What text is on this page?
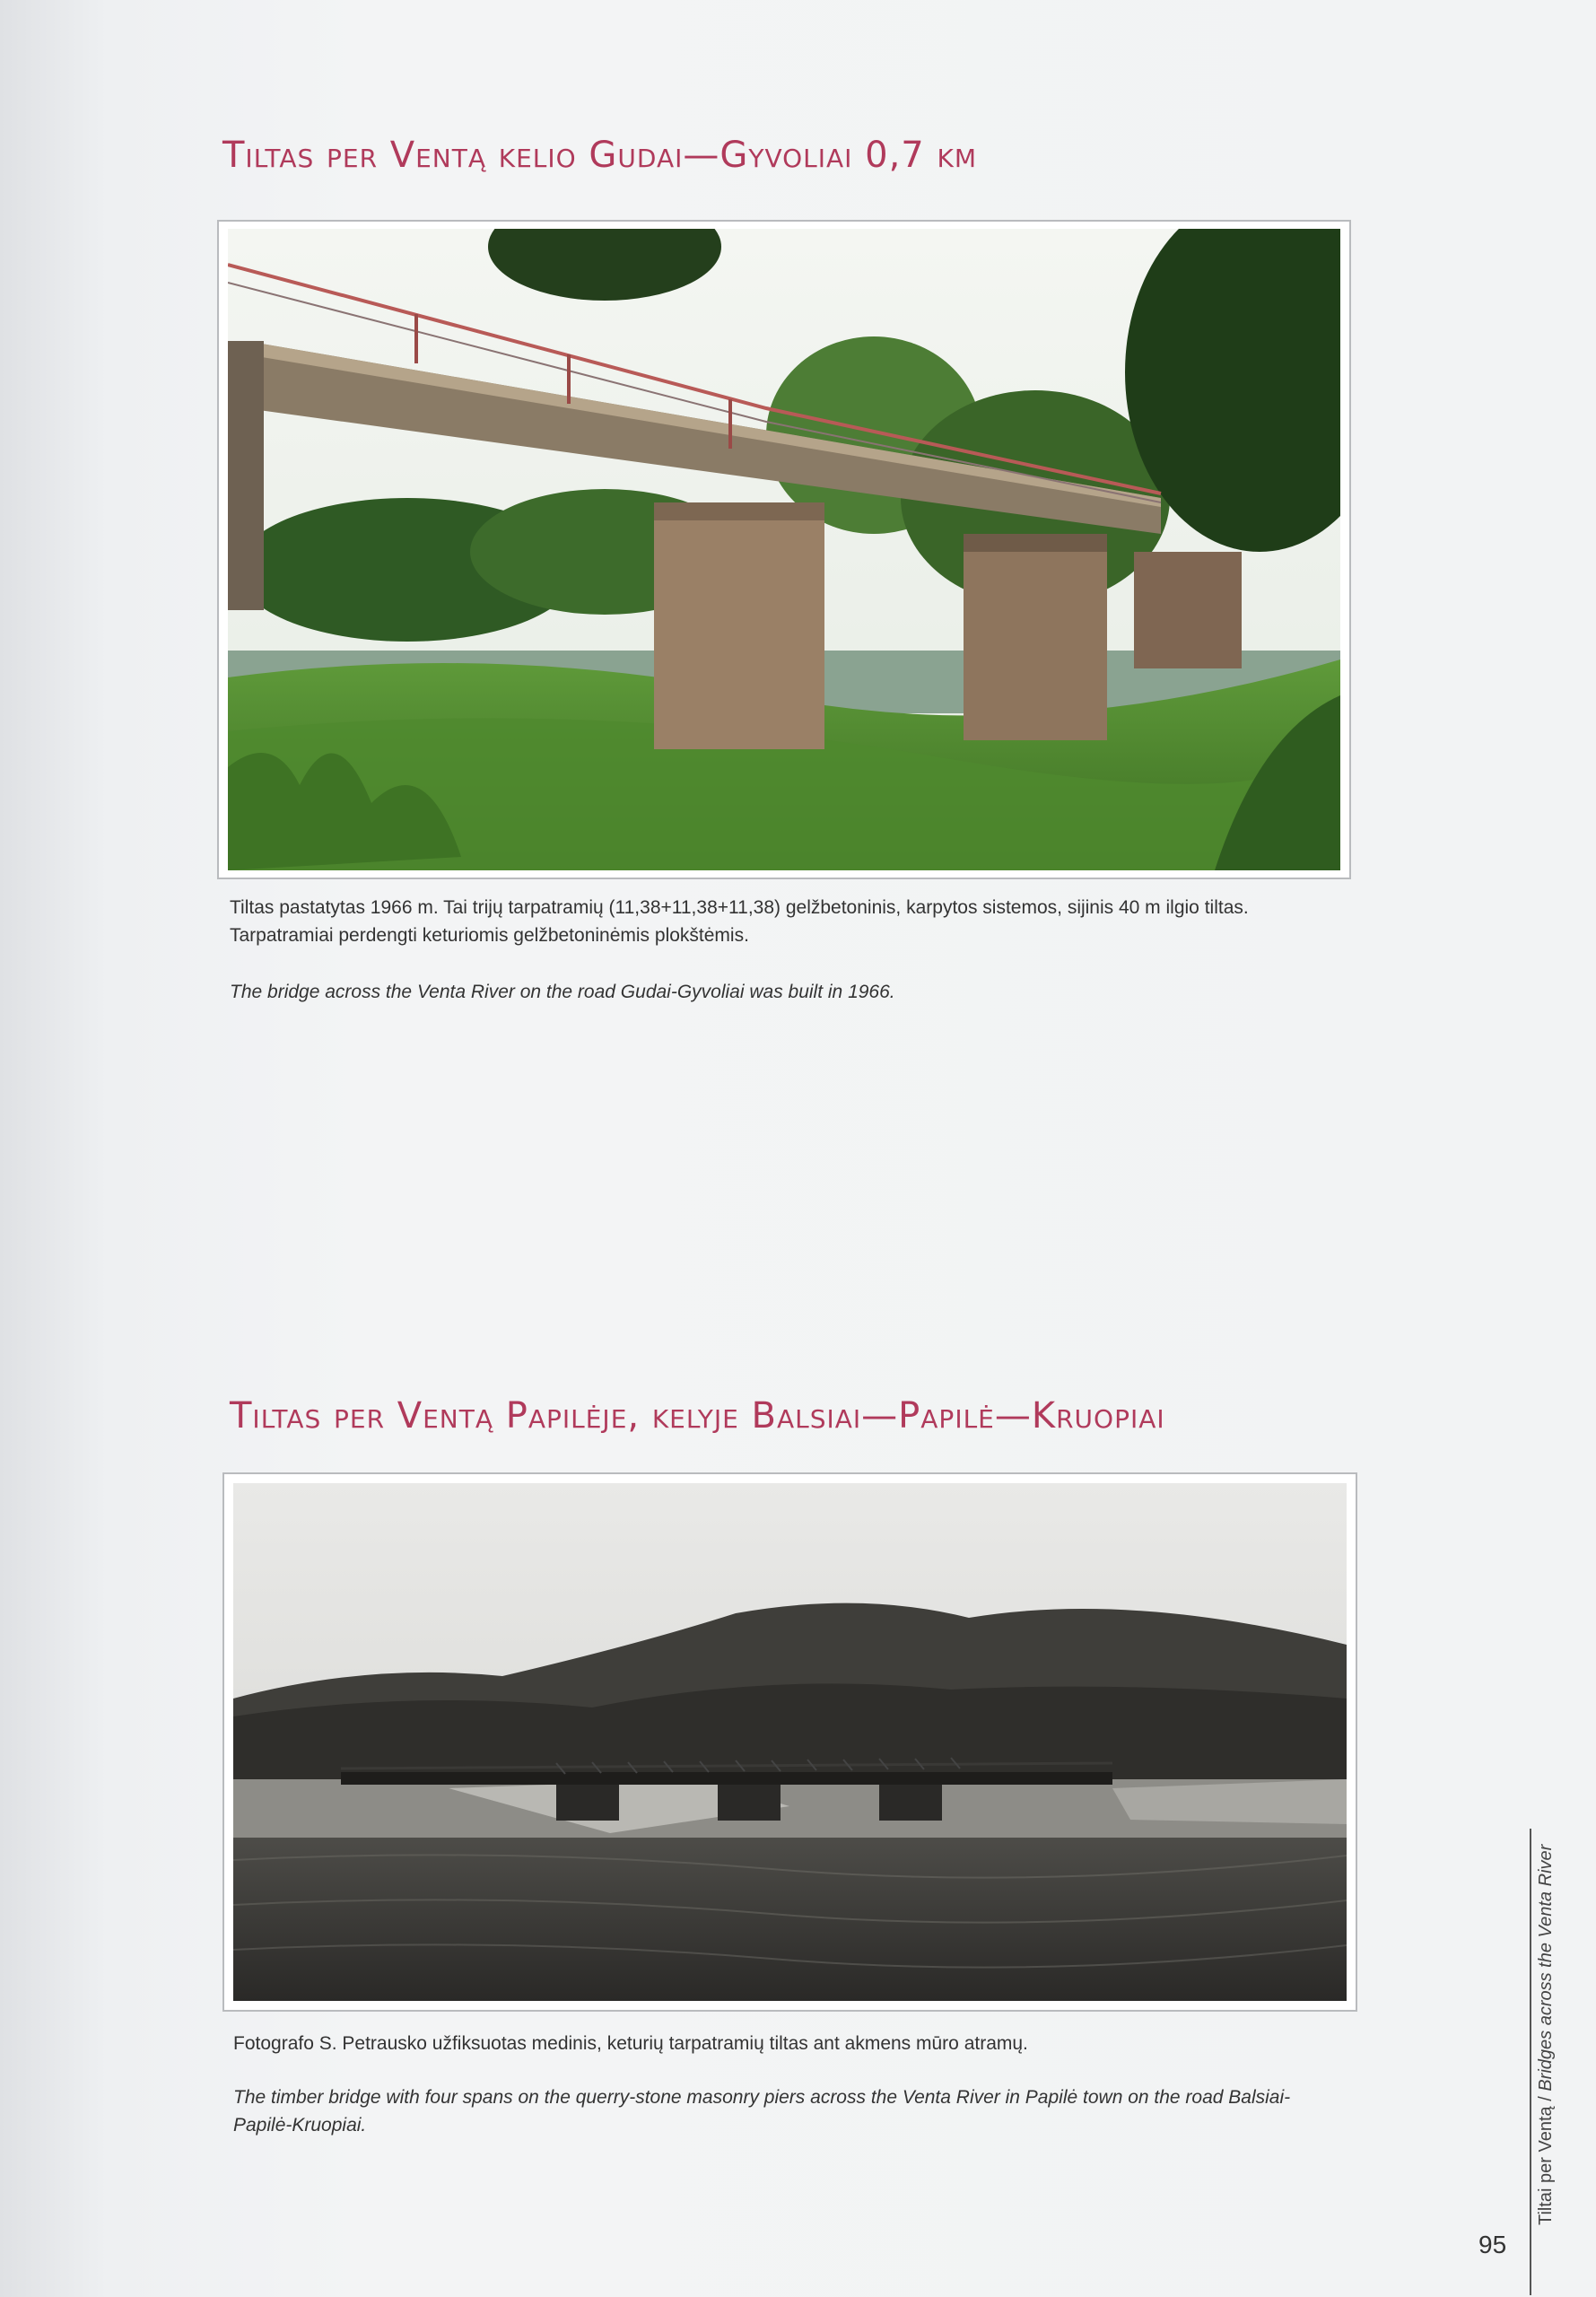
Tiltas per Ventą kelio Gudai—Gyvoliai 0,7 km
Tiltas pastatytas 1966 m. Tai trijų tarpatramių (11,38+11,38+11,38) gelžbetoninis, karpytos sistemos, sijinis 40 m ilgio tiltas. Tarpatramiai perdengti keturiomis gelžbetoninėmis plokštėmis.
The bridge across the Venta River on the road Gudai-Gyvoliai was built in 1966.
Tiltas per Ventą Papilėje, kelyje Balsiai—Papilė—Kruopiai
Fotografo S. Petrausko užfiksuotas medinis, keturių tarpatramių tiltas ant akmens mūro atramų.
The timber bridge with four spans on the querry-stone masonry piers across the Venta River in Papilė town on the road Balsiai-Papilė-Kruopiai.	Tiltai per Ventą / Bridges across the Venta River
95
